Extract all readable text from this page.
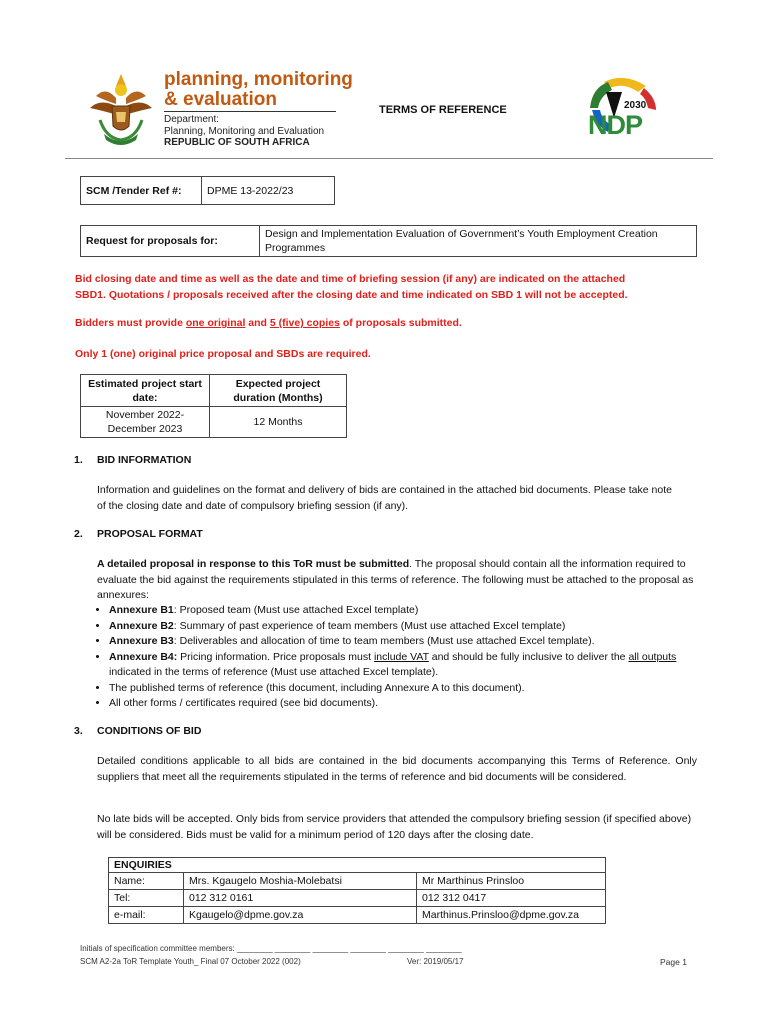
planning, monitoring
& evaluation
Department:
Planning, Monitoring and Evaluation
REPUBLIC OF SOUTH AFRICA
TERMS OF REFERENCE	2030
NDP
SCM /Tender Ref #:	DPME 13-2022/23
Request for proposals for:	Design and Implementation Evaluation of Government’s Youth Employment Creation Programmes
Bid closing date and time as well as the date and time of briefing session (if any) are indicated on the attached
SBD1. Quotations / proposals received after the closing date and time indicated on SBD 1 will not be accepted.
Bidders must provide one original and 5 (five) copies of proposals submitted.
Only 1 (one) original price proposal and SBDs are required.
Estimated project start date:	Expected project duration (Months)
November 2022-December 2023	12 Months
1. BID INFORMATION
Information and guidelines on the format and delivery of bids are contained in the attached bid documents. Please take note of the closing date and date of compulsory briefing session (if any).
2. PROPOSAL FORMAT
A detailed proposal in response to this ToR must be submitted. The proposal should contain all the information required to evaluate the bid against the requirements stipulated in this terms of reference. The following must be attached to the proposal as annexures:
• Annexure B1: Proposed team (Must use attached Excel template)
• Annexure B2: Summary of past experience of team members (Must use attached Excel template)
• Annexure B3: Deliverables and allocation of time to team members (Must use attached Excel template).
• Annexure B4: Pricing information. Price proposals must include VAT and should be fully inclusive to deliver the all outputs indicated in the terms of reference (Must use attached Excel template).
• The published terms of reference (this document, including Annexure A to this document).
• All other forms / certificates required (see bid documents).
3. CONDITIONS OF BID
Detailed conditions applicable to all bids are contained in the bid documents accompanying this Terms of Reference. Only suppliers that meet all the requirements stipulated in the terms of reference and bid documents will be considered.
No late bids will be accepted. Only bids from service providers that attended the compulsory briefing session (if specified above) will be considered. Bids must be valid for a minimum period of 120 days after the closing date.
ENQUIRIES		
Name:	Mrs. Kgaugelo Moshia-Molebatsi	Mr Marthinus Prinsloo
Tel:	012 312 0161	012 312 0417
e-mail:	Kgaugelo@dpme.gov.za	Marthinus.Prinsloo@dpme.gov.za
Initials of specification committee members: ________ ________ ________ ________ ________ ________
SCM A2-2a ToR Template Youth_ Final 07 October 2022 (002)	Ver: 2019/05/17	Page 1
